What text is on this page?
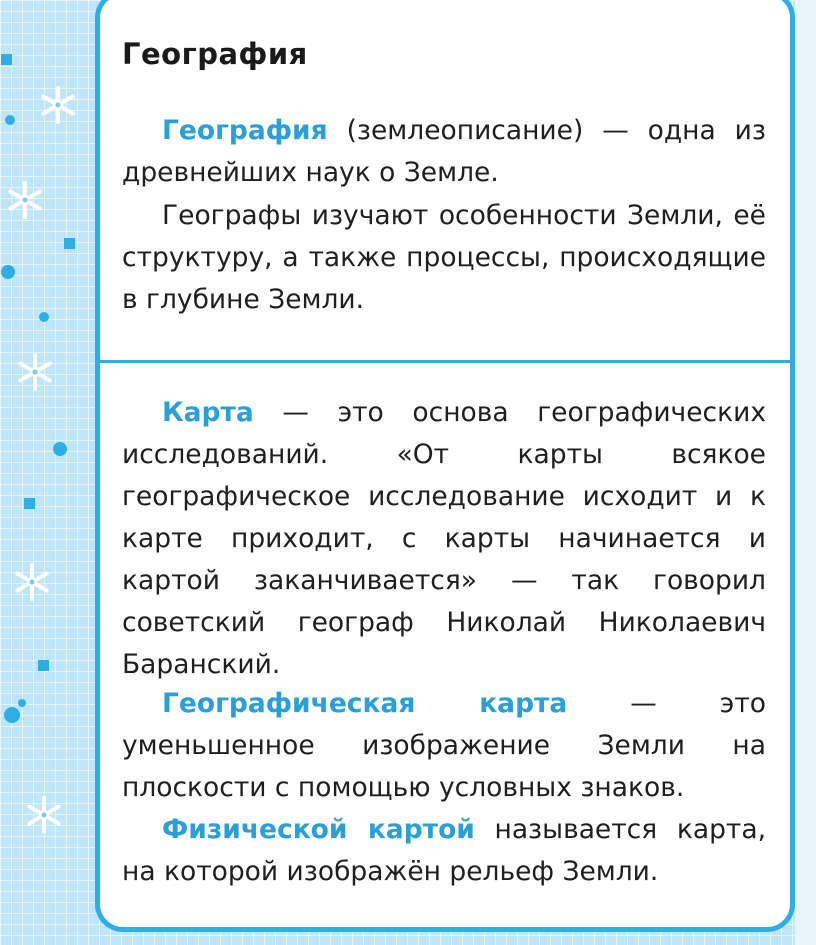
География

География (землеописание) — одна из древнейших наук о Земле.

Географы изучают особенности Земли, её структуру, а также процессы, происходящие в глубине Земли.

Карта — это основа географических исследований. «От карты всякое географическое исследование исходит и к карте приходит, с карты начинается и картой заканчивается» — так говорил советский географ Николай Николаевич Баранский.

Географическая карта — это уменьшенное изображение Земли на плоскости с помощью условных знаков.

Физической картой называется карта, на которой изображён рельеф Земли.
